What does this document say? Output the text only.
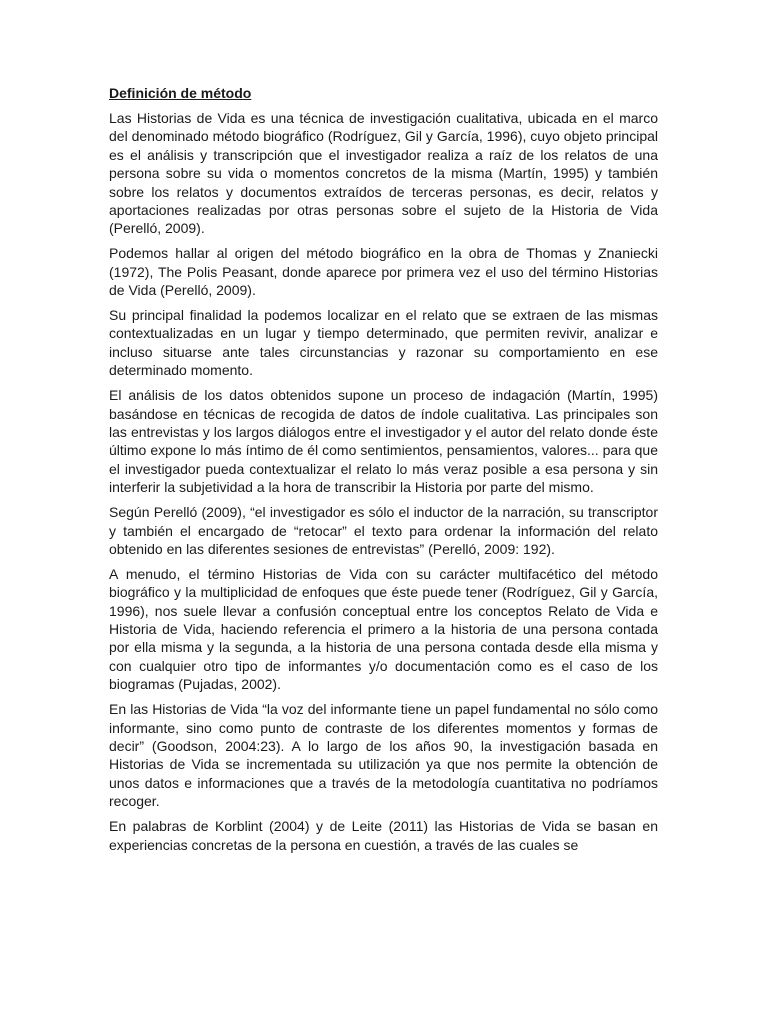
Definición de método

Las Historias de Vida es una técnica de investigación cualitativa, ubicada en el marco del denominado método biográfico (Rodríguez, Gil y García, 1996), cuyo objeto principal es el análisis y transcripción que el investigador realiza a raíz de los relatos de una persona sobre su vida o momentos concretos de la misma (Martín, 1995) y también sobre los relatos y documentos extraídos de terceras personas, es decir, relatos y aportaciones realizadas por otras personas sobre el sujeto de la Historia de Vida (Perelló, 2009).

Podemos hallar al origen del método biográfico en la obra de Thomas y Znaniecki (1972), The Polis Peasant, donde aparece por primera vez el uso del término Historias de Vida (Perelló, 2009).

Su principal finalidad la podemos localizar en el relato que se extraen de las mismas contextualizadas en un lugar y tiempo determinado, que permiten revivir, analizar e incluso situarse ante tales circunstancias y razonar su comportamiento en ese determinado momento.

El análisis de los datos obtenidos supone un proceso de indagación (Martín, 1995) basándose en técnicas de recogida de datos de índole cualitativa. Las principales son las entrevistas y los largos diálogos entre el investigador y el autor del relato donde éste último expone lo más íntimo de él como sentimientos, pensamientos, valores... para que el investigador pueda contextualizar el relato lo más veraz posible a esa persona y sin interferir la subjetividad a la hora de transcribir la Historia por parte del mismo.

Según Perelló (2009), “el investigador es sólo el inductor de la narración, su transcriptor y también el encargado de “retocar” el texto para ordenar la información del relato obtenido en las diferentes sesiones de entrevistas” (Perelló, 2009: 192).

A menudo, el término Historias de Vida con su carácter multifacético del método biográfico y la multiplicidad de enfoques que éste puede tener (Rodríguez, Gil y García, 1996), nos suele llevar a confusión conceptual entre los conceptos Relato de Vida e Historia de Vida, haciendo referencia el primero a la historia de una persona contada por ella misma y la segunda, a la historia de una persona contada desde ella misma y con cualquier otro tipo de informantes y/o documentación como es el caso de los biogramas (Pujadas, 2002).

En las Historias de Vida “la voz del informante tiene un papel fundamental no sólo como informante, sino como punto de contraste de los diferentes momentos y formas de decir” (Goodson, 2004:23). A lo largo de los años 90, la investigación basada en Historias de Vida se incrementada su utilización ya que nos permite la obtención de unos datos e informaciones que a través de la metodología cuantitativa no podríamos recoger.

En palabras de Korblint (2004) y de Leite (2011) las Historias de Vida se basan en experiencias concretas de la persona en cuestión, a través de las cuales se
